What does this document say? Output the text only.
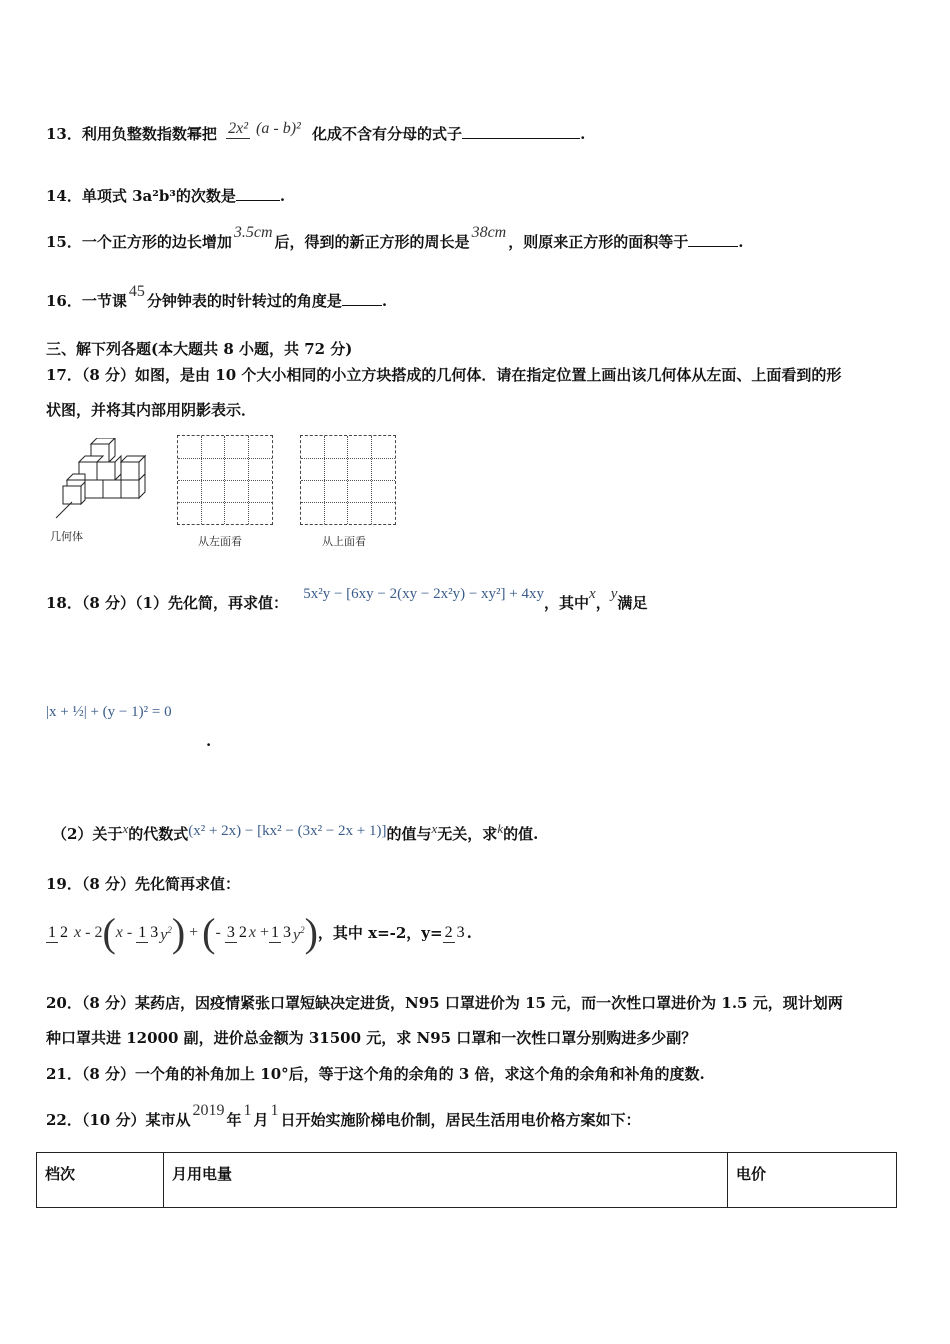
13．利用负整数指数幂把 2x² (a - b)² 化成不含有分母的式子	.
14．单项式 3a²b³的次数是	.
15．一个正方形的边长增加3.5cm后，得到的新正方形的周长是38cm，则原来正方形的面积等于	.
16．一节课45分钟钟表的时针转过的角度是	.
三、解下列各题(本大题共 8 小题，共 72 分)
17．（8 分）如图，是由 10 个大小相同的小立方块搭成的几何体．请在指定位置上画出该几何体从左面、上面看到的形
状图，并将其内部用阴影表示．
几何体	从左面看	从上面看
18．（8 分）（1）先化简，再求值： 5x²y − [6xy − 2(xy − 2x²y) − xy²] + 4xy，其中x，y满足
|x + ½| + (y − 1)² = 0
.
（2）关于x的代数式(x² + 2x) − [kx² − (3x² − 2x + 1)]的值与x无关，求k的值.
19．（8 分）先化简再求值：
1 2 x - 2 ( x - 1 3 $y^2$ ) + ( - 3 2 x + 1 3 $y^2$ ) ，其中 x=-2，y= 2 3 .
20．（8 分）某药店，因疫情紧张口罩短缺决定进货，N95 口罩进价为 15 元，而一次性口罩进价为 1.5 元，现计划两
种口罩共进 12000 副，进价总金额为 31500 元，求 N95 口罩和一次性口罩分别购进多少副？
21．（8 分）一个角的补角加上 10°后，等于这个角的余角的 3 倍，求这个角的余角和补角的度数.
22．（10 分）某市从2019年1月1日开始实施阶梯电价制，居民生活用电价格方案如下：
档次	月用电量	电价
